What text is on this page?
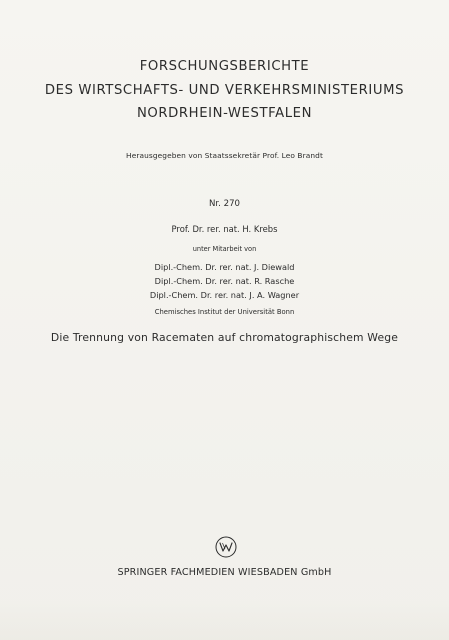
FORSCHUNGSBERICHTE
DES WIRTSCHAFTS- UND VERKEHRSMINISTERIUMS
NORDRHEIN-WESTFALEN
Herausgegeben von Staatssekretär Prof. Leo Brandt
Nr. 270
Prof. Dr. rer. nat. H. Krebs
unter Mitarbeit von
Dipl.-Chem. Dr. rer. nat. J. Diewald
Dipl.-Chem. Dr. rer. nat. R. Rasche
Dipl.-Chem. Dr. rer. nat. J. A. Wagner
Chemisches Institut der Universität Bonn
Die Trennung von Racematen auf chromatographischem Wege
SPRINGER FACHMEDIEN WIESBADEN GmbH
